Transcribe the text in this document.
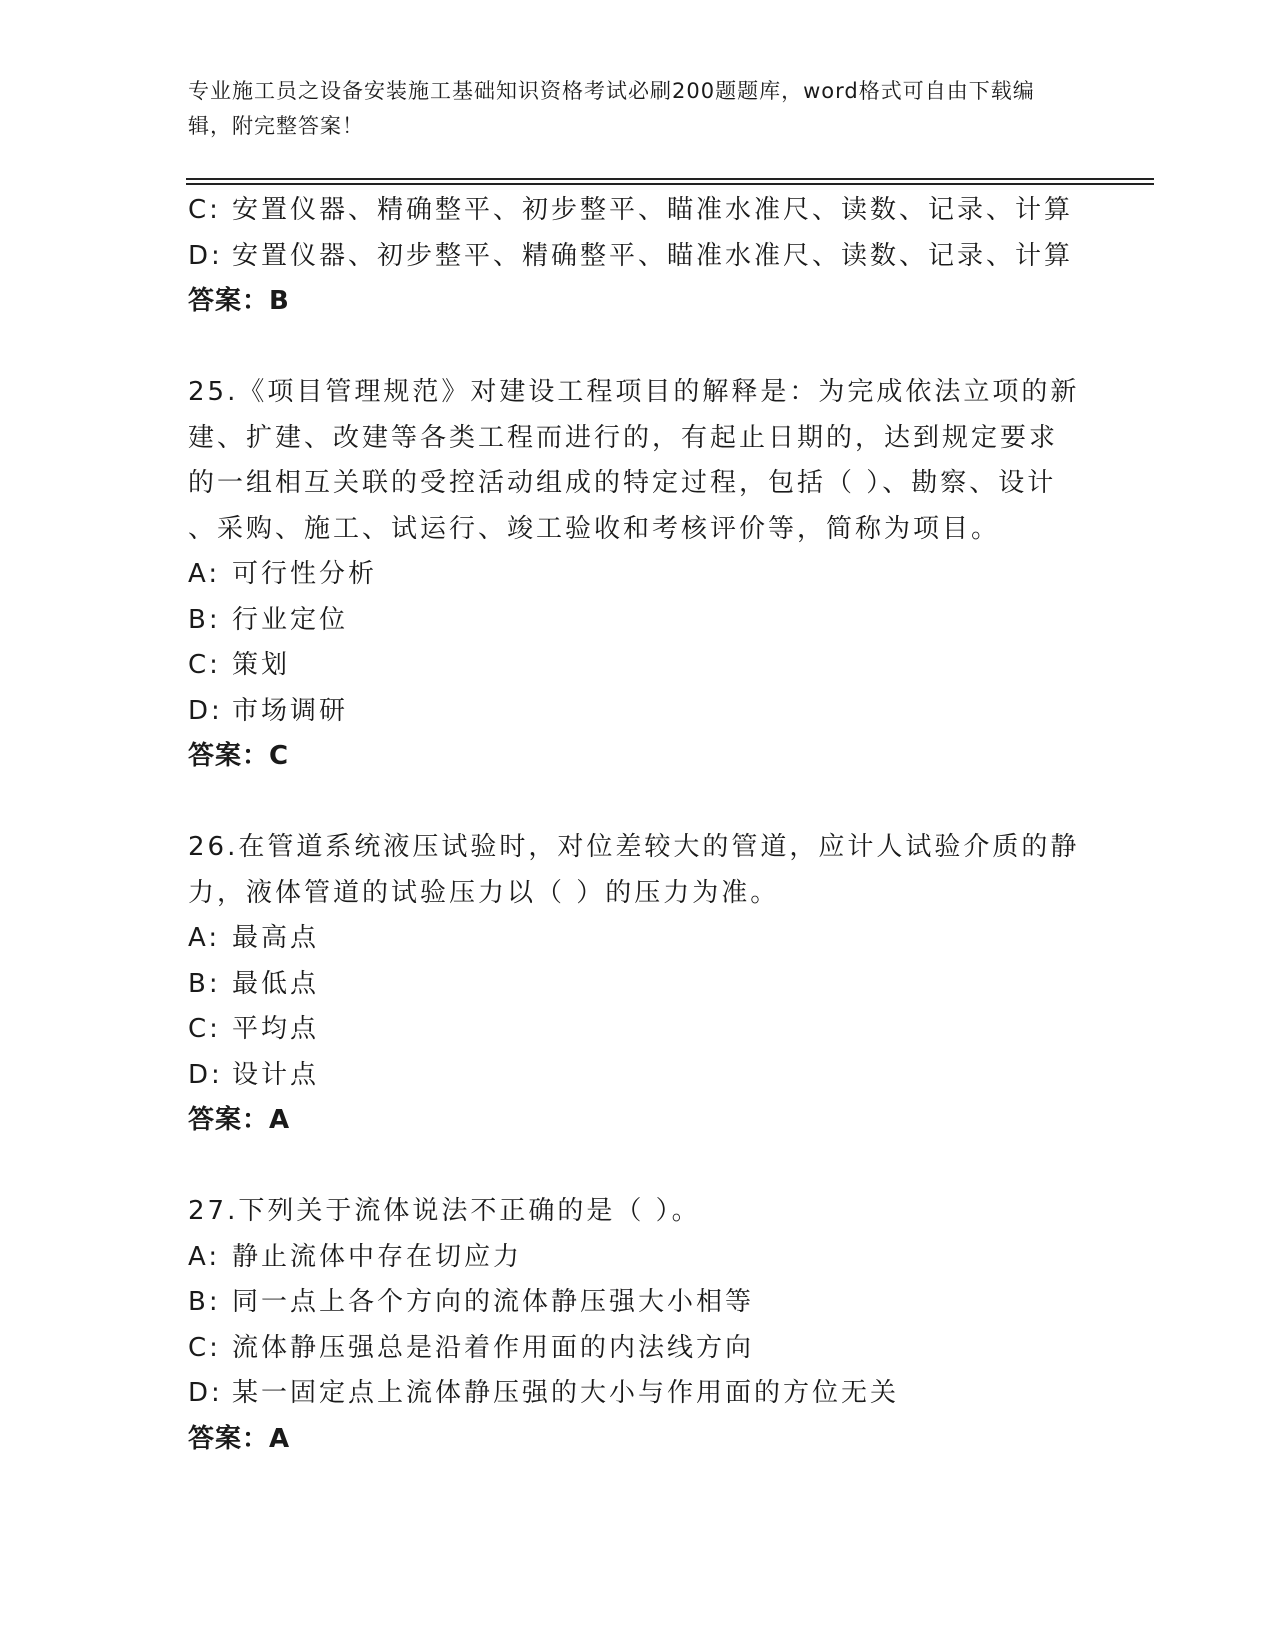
专业施工员之设备安装施工基础知识资格考试必刷200题题库，word格式可自由下载编辑，附完整答案！
C: 安置仪器、精确整平、初步整平、瞄准水准尺、读数、记录、计算
D: 安置仪器、初步整平、精确整平、瞄准水准尺、读数、记录、计算
答案：B
25.《项目管理规范》对建设工程项目的解释是：为完成依法立项的新
建、扩建、改建等各类工程而进行的，有起止日期的，达到规定要求
的一组相互关联的受控活动组成的特定过程，包括（ ）、勘察、设计
、采购、施工、试运行、竣工验收和考核评价等，简称为项目。
A: 可行性分析
B: 行业定位
C: 策划
D: 市场调研
答案：C
26.在管道系统液压试验时，对位差较大的管道，应计人试验介质的静
力，液体管道的试验压力以（ ）的压力为准。
A: 最高点
B: 最低点
C: 平均点
D: 设计点
答案：A
27.下列关于流体说法不正确的是（ ）。
A: 静止流体中存在切应力
B: 同一点上各个方向的流体静压强大小相等
C: 流体静压强总是沿着作用面的内法线方向
D: 某一固定点上流体静压强的大小与作用面的方位无关
答案：A
